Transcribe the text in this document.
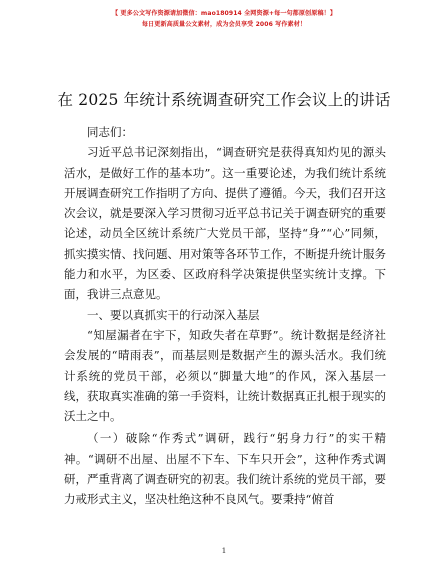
【 更多公文写作资源请加微信：mao180914 全网资源+每一句都原创原稿！】
每日更新高质量公文素材，成为会员享受 2006 写作素材！
在 2025 年统计系统调查研究工作会议上的讲话

同志们：

习近平总书记深刻指出，“调查研究是获得真知灼见的源头活水，是做好工作的基本功”。这一重要论述，为我们统计系统开展调查研究工作指明了方向、提供了遵循。今天，我们召开这次会议，就是要深入学习贯彻习近平总书记关于调查研究的重要论述，动员全区统计系统广大党员干部，坚持“身”“心”同频，抓实摸实情、找问题、用对策等各环节工作，不断提升统计服务能力和水平，为区委、区政府科学决策提供坚实统计支撑。下面，我讲三点意见。

一、要以真抓实干的行动深入基层

“知屋漏者在宇下，知政失者在草野”。统计数据是经济社会发展的“晴雨表”，而基层则是数据产生的源头活水。我们统计系统的党员干部，必须以“脚量大地”的作风，深入基层一线，获取真实准确的第一手资料，让统计数据真正扎根于现实的沃土之中。

（一）破除“作秀式”调研，践行“躬身力行”的实干精神。“调研不出屋、出屋不下车、下车只开会”，这种作秀式调研，严重背离了调查研究的初衷。我们统计系统的党员干部，要力戒形式主义，坚决杜绝这种不良风气。要秉持“俯首

1
